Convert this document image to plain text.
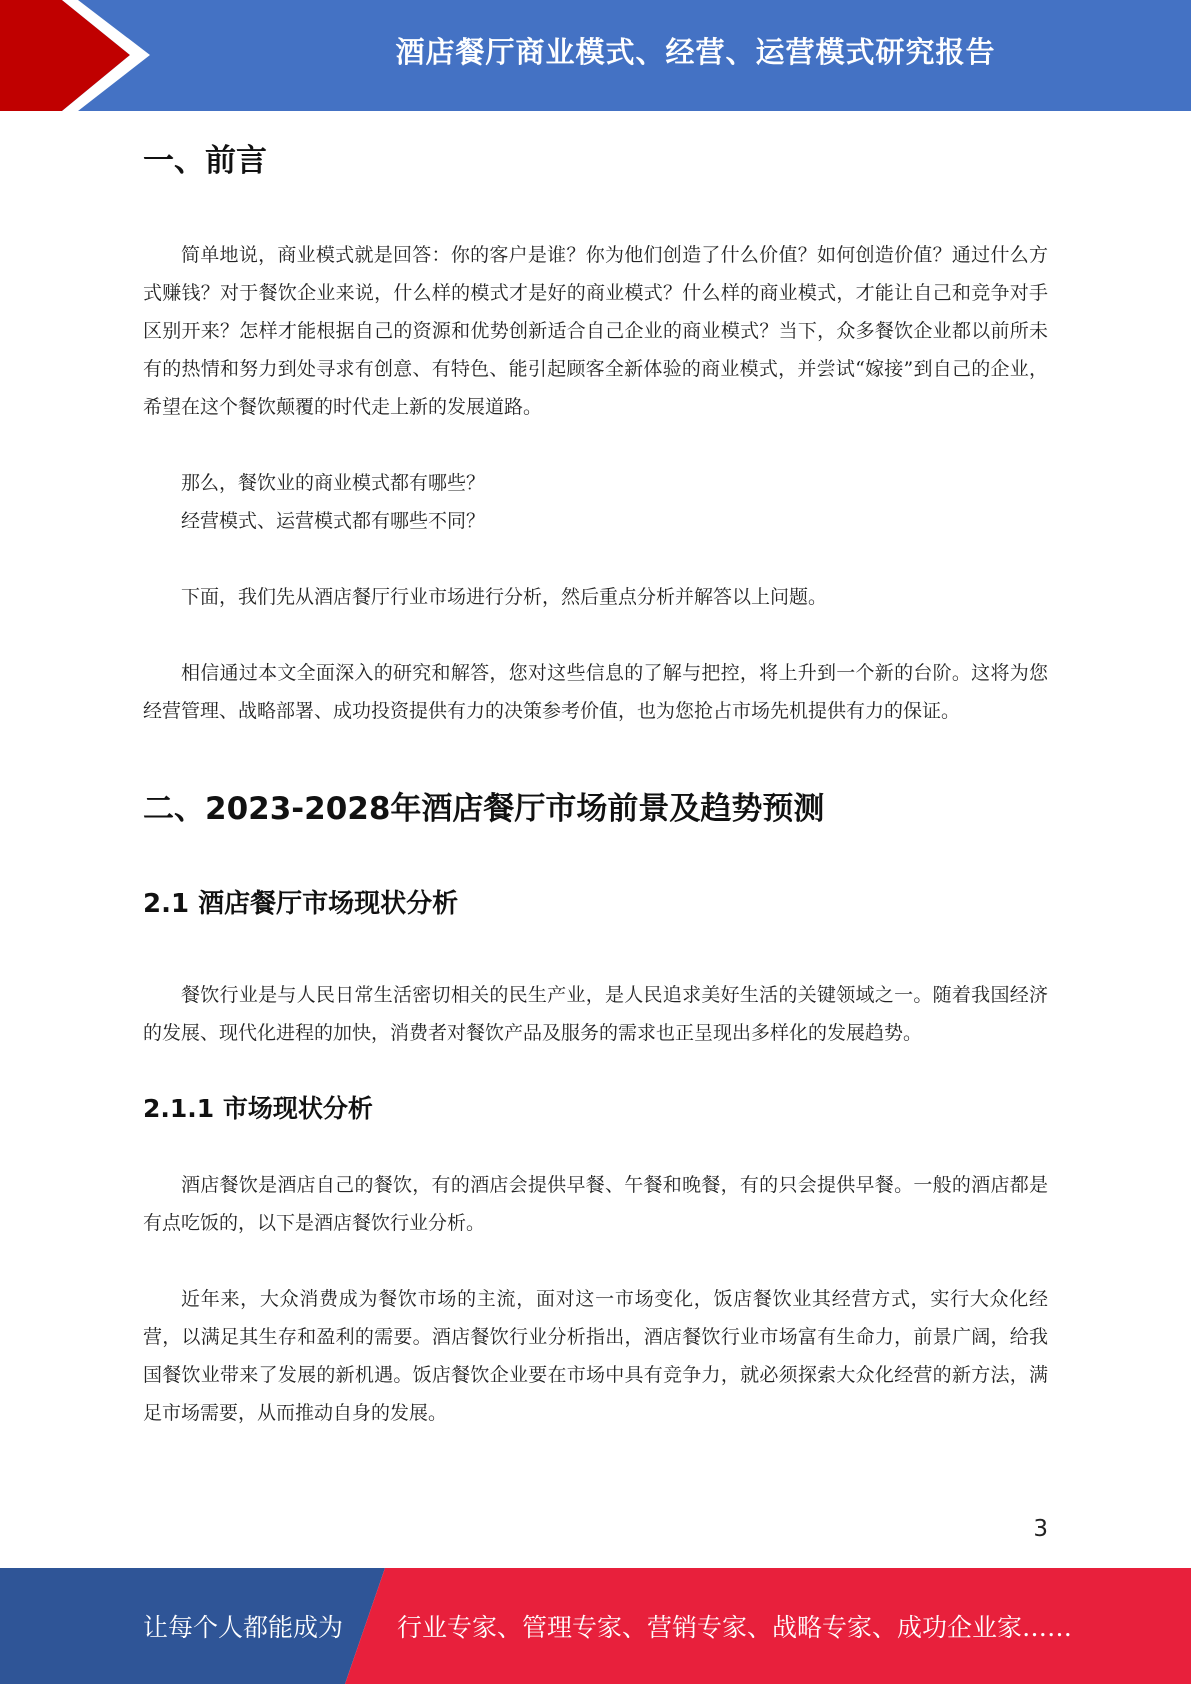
酒店餐厅商业模式、经营、运营模式研究报告
一、前言

简单地说，商业模式就是回答：你的客户是谁？你为他们创造了什么价值？如何创造价值？通过什么方式赚钱？对于餐饮企业来说，什么样的模式才是好的商业模式？什么样的商业模式，才能让自己和竞争对手区别开来？怎样才能根据自己的资源和优势创新适合自己企业的商业模式？当下，众多餐饮企业都以前所未有的热情和努力到处寻求有创意、有特色、能引起顾客全新体验的商业模式，并尝试“嫁接”到自己的企业，希望在这个餐饮颠覆的时代走上新的发展道路。

那么，餐饮业的商业模式都有哪些？

经营模式、运营模式都有哪些不同？

下面，我们先从酒店餐厅行业市场进行分析，然后重点分析并解答以上问题。

相信通过本文全面深入的研究和解答，您对这些信息的了解与把控，将上升到一个新的台阶。这将为您经营管理、战略部署、成功投资提供有力的决策参考价值，也为您抢占市场先机提供有力的保证。

二、2023-2028年酒店餐厅市场前景及趋势预测
2.1 酒店餐厅市场现状分析

餐饮行业是与人民日常生活密切相关的民生产业，是人民追求美好生活的关键领域之一。随着我国经济的发展、现代化进程的加快，消费者对餐饮产品及服务的需求也正呈现出多样化的发展趋势。

2.1.1 市场现状分析

酒店餐饮是酒店自己的餐饮，有的酒店会提供早餐、午餐和晚餐，有的只会提供早餐。一般的酒店都是有点吃饭的，以下是酒店餐饮行业分析。

近年来，大众消费成为餐饮市场的主流，面对这一市场变化，饭店餐饮业其经营方式，实行大众化经营，以满足其生存和盈利的需要。酒店餐饮行业分析指出，酒店餐饮行业市场富有生命力，前景广阔，给我国餐饮业带来了发展的新机遇。饭店餐饮企业要在市场中具有竞争力，就必须探索大众化经营的新方法，满足市场需要，从而推动自身的发展。

3
让每个人都能成为 行业专家、管理专家、营销专家、战略专家、成功企业家……
